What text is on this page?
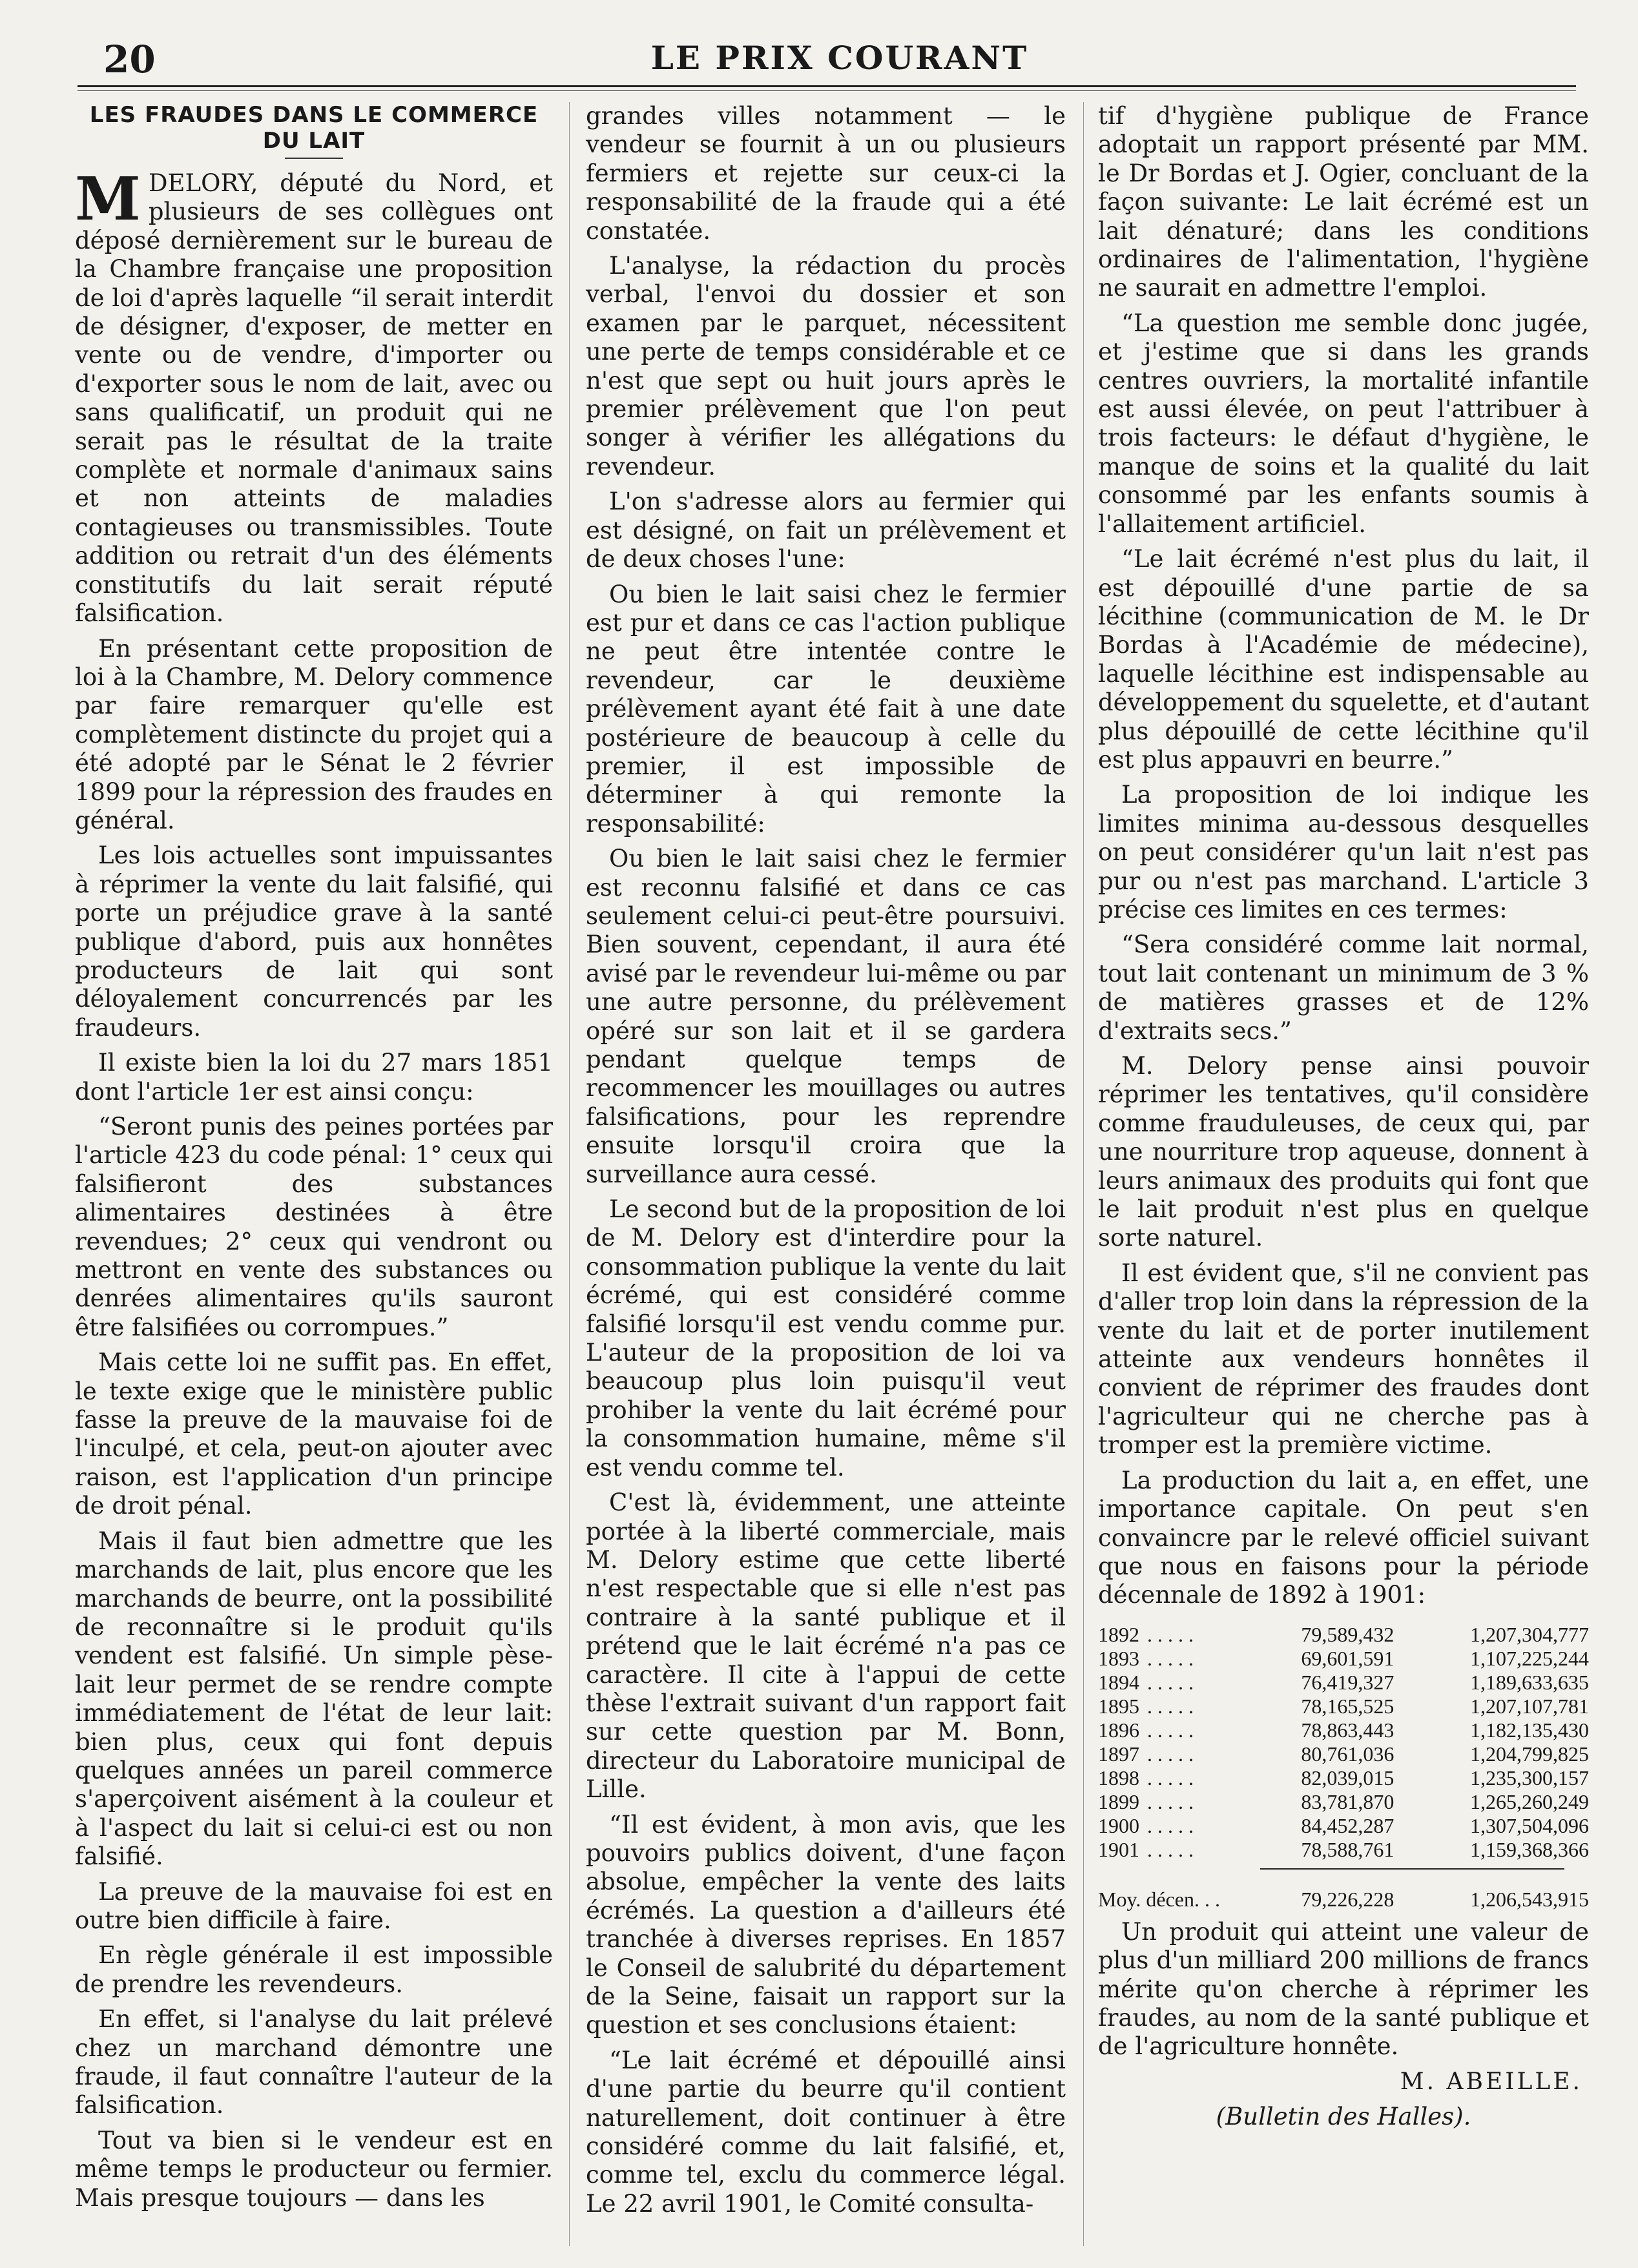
20	LE PRIX COURANT
LES FRAUDES DANS LE COMMERCE DU LAIT

MDELORY, député du Nord, et plusieurs de ses collègues ont déposé dernièrement sur le bureau de la Chambre française une proposition de loi d'après laquelle “il serait interdit de désigner, d'exposer, de metter en vente ou de vendre, d'importer ou d'exporter sous le nom de lait, avec ou sans qualificatif, un produit qui ne serait pas le résultat de la traite complète et normale d'animaux sains et non atteints de maladies contagieuses ou transmissibles. Toute addition ou retrait d'un des éléments constitutifs du lait serait réputé falsification.

En présentant cette proposition de loi à la Chambre, M. Delory commence par faire remarquer qu'elle est complètement distincte du projet qui a été adopté par le Sénat le 2 février 1899 pour la répression des fraudes en général.

Les lois actuelles sont impuissantes à réprimer la vente du lait falsifié, qui porte un préjudice grave à la santé publique d'abord, puis aux honnêtes producteurs de lait qui sont déloyalement concurrencés par les fraudeurs.

Il existe bien la loi du 27 mars 1851 dont l'article 1er est ainsi conçu:

“Seront punis des peines portées par l'article 423 du code pénal: 1° ceux qui falsifieront des substances alimentaires destinées à être revendues; 2° ceux qui vendront ou mettront en vente des substances ou denrées alimentaires qu'ils sauront être falsifiées ou corrompues.”

Mais cette loi ne suffit pas. En effet, le texte exige que le ministère public fasse la preuve de la mauvaise foi de l'inculpé, et cela, peut-on ajouter avec raison, est l'application d'un principe de droit pénal.

Mais il faut bien admettre que les marchands de lait, plus encore que les marchands de beurre, ont la possibilité de reconnaître si le produit qu'ils vendent est falsifié. Un simple pèse-lait leur permet de se rendre compte immédiatement de l'état de leur lait: bien plus, ceux qui font depuis quelques années un pareil commerce s'aperçoivent aisément à la couleur et à l'aspect du lait si celui-ci est ou non falsifié.

La preuve de la mauvaise foi est en outre bien difficile à faire.

En règle générale il est impossible de prendre les revendeurs.

En effet, si l'analyse du lait prélevé chez un marchand démontre une fraude, il faut connaître l'auteur de la falsification.

Tout va bien si le vendeur est en même temps le producteur ou fermier. Mais presque toujours — dans les

grandes villes notamment — le vendeur se fournit à un ou plusieurs fermiers et rejette sur ceux-ci la responsabilité de la fraude qui a été constatée.

L'analyse, la rédaction du procès verbal, l'envoi du dossier et son examen par le parquet, nécessitent une perte de temps considérable et ce n'est que sept ou huit jours après le premier prélèvement que l'on peut songer à vérifier les allégations du revendeur.

L'on s'adresse alors au fermier qui est désigné, on fait un prélèvement et de deux choses l'une:

Ou bien le lait saisi chez le fermier est pur et dans ce cas l'action publique ne peut être intentée contre le revendeur, car le deuxième prélèvement ayant été fait à une date postérieure de beaucoup à celle du premier, il est impossible de déterminer à qui remonte la responsabilité:

Ou bien le lait saisi chez le fermier est reconnu falsifié et dans ce cas seulement celui-ci peut-être poursuivi. Bien souvent, cependant, il aura été avisé par le revendeur lui-même ou par une autre personne, du prélèvement opéré sur son lait et il se gardera pendant quelque temps de recommencer les mouillages ou autres falsifications, pour les reprendre ensuite lorsqu'il croira que la surveillance aura cessé.

Le second but de la proposition de loi de M. Delory est d'interdire pour la consommation publique la vente du lait écrémé, qui est considéré comme falsifié lorsqu'il est vendu comme pur. L'auteur de la proposition de loi va beaucoup plus loin puisqu'il veut prohiber la vente du lait écrémé pour la consommation humaine, même s'il est vendu comme tel.

C'est là, évidemment, une atteinte portée à la liberté commerciale, mais M. Delory estime que cette liberté n'est respectable que si elle n'est pas contraire à la santé publique et il prétend que le lait écrémé n'a pas ce caractère. Il cite à l'appui de cette thèse l'extrait suivant d'un rapport fait sur cette question par M. Bonn, directeur du Laboratoire municipal de Lille.

“Il est évident, à mon avis, que les pouvoirs publics doivent, d'une façon absolue, empêcher la vente des laits écrémés. La question a d'ailleurs été tranchée à diverses reprises. En 1857 le Conseil de salubrité du département de la Seine, faisait un rapport sur la question et ses conclusions étaient:

“Le lait écrémé et dépouillé ainsi d'une partie du beurre qu'il contient naturellement, doit continuer à être considéré comme du lait falsifié, et, comme tel, exclu du commerce légal. Le 22 avril 1901, le Comité consulta-

tif d'hygiène publique de France adoptait un rapport présenté par MM. le Dr Bordas et J. Ogier, concluant de la façon suivante: Le lait écrémé est un lait dénaturé; dans les conditions ordinaires de l'alimentation, l'hygiène ne saurait en admettre l'emploi.

“La question me semble donc jugée, et j'estime que si dans les grands centres ouvriers, la mortalité infantile est aussi élevée, on peut l'attribuer à trois facteurs: le défaut d'hygiène, le manque de soins et la qualité du lait consommé par les enfants soumis à l'allaitement artificiel.

“Le lait écrémé n'est plus du lait, il est dépouillé d'une partie de sa lécithine (communication de M. le Dr Bordas à l'Académie de médecine), laquelle lécithine est indispensable au développement du squelette, et d'autant plus dépouillé de cette lécithine qu'il est plus appauvri en beurre.”

La proposition de loi indique les limites minima au-dessous desquelles on peut considérer qu'un lait n'est pas pur ou n'est pas marchand. L'article 3 précise ces limites en ces termes:

“Sera considéré comme lait normal, tout lait contenant un minimum de 3 % de matières grasses et de 12% d'extraits secs.”

M. Delory pense ainsi pouvoir réprimer les tentatives, qu'il considère comme frauduleuses, de ceux qui, par une nourriture trop aqueuse, donnent à leurs animaux des produits qui font que le lait produit n'est plus en quelque sorte naturel.

Il est évident que, s'il ne convient pas d'aller trop loin dans la répression de la vente du lait et de porter inutilement atteinte aux vendeurs honnêtes il convient de réprimer des fraudes dont l'agriculteur qui ne cherche pas à tromper est la première victime.

La production du lait a, en effet, une importance capitale. On peut s'en convaincre par le relevé officiel suivant que nous en faisons pour la période décennale de 1892 à 1901:

1892 . . . . .	79,589,432	1,207,304,777
1893 . . . . .	69,601,591	1,107,225,244
1894 . . . . .	76,419,327	1,189,633,635
1895 . . . . .	78,165,525	1,207,107,781
1896 . . . . .	78,863,443	1,182,135,430
1897 . . . . .	80,761,036	1,204,799,825
1898 . . . . .	82,039,015	1,235,300,157
1899 . . . . .	83,781,870	1,265,260,249
1900 . . . . .	84,452,287	1,307,504,096
1901 . . . . .	78,588,761	1,159,368,366
Moy. décen. . .	79,226,228	1,206,543,915

Un produit qui atteint une valeur de plus d'un milliard 200 millions de francs mérite qu'on cherche à réprimer les fraudes, au nom de la santé publique et de l'agriculture honnête.

M. ABEILLE.
(Bulletin des Halles).
